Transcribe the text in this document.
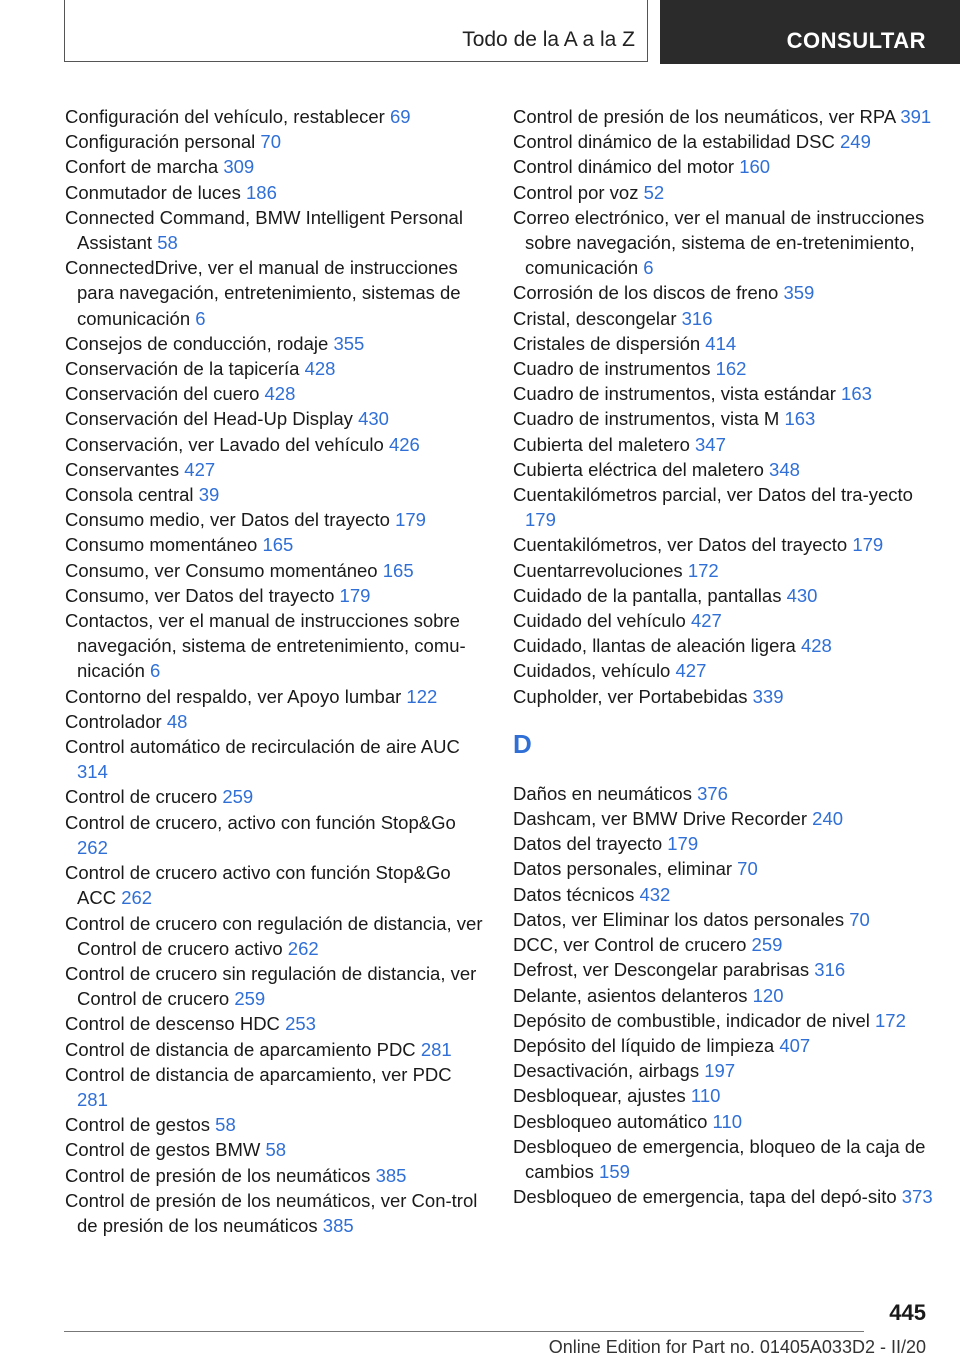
Todo de la A a la Z	CONSULTAR
Configuración del vehículo, restablecer 69
Configuración personal 70
Confort de marcha 309
Conmutador de luces 186
Connected Command, BMW Intelligent Personal Assistant 58
ConnectedDrive, ver el manual de instrucciones para navegación, entretenimiento, sistemas de comunicación 6
Consejos de conducción, rodaje 355
Conservación de la tapicería 428
Conservación del cuero 428
Conservación del Head-Up Display 430
Conservación, ver Lavado del vehículo 426
Conservantes 427
Consola central 39
Consumo medio, ver Datos del trayecto 179
Consumo momentáneo 165
Consumo, ver Consumo momentáneo 165
Consumo, ver Datos del trayecto 179
Contactos, ver el manual de instrucciones sobre navegación, sistema de entretenimiento, comu-nicación 6
Contorno del respaldo, ver Apoyo lumbar 122
Controlador 48
Control automático de recirculación de aire AUC 314
Control de crucero 259
Control de crucero, activo con función Stop&Go 262
Control de crucero activo con función Stop&Go ACC 262
Control de crucero con regulación de distancia, ver Control de crucero activo 262
Control de crucero sin regulación de distancia, ver Control de crucero 259
Control de descenso HDC 253
Control de distancia de aparcamiento PDC 281
Control de distancia de aparcamiento, ver PDC 281
Control de gestos 58
Control de gestos BMW 58
Control de presión de los neumáticos 385
Control de presión de los neumáticos, ver Con-trol de presión de los neumáticos 385
Control de presión de los neumáticos, ver RPA 391
Control dinámico de la estabilidad DSC 249
Control dinámico del motor 160
Control por voz 52
Correo electrónico, ver el manual de instrucciones sobre navegación, sistema de en-tretenimiento, comunicación 6
Corrosión de los discos de freno 359
Cristal, descongelar 316
Cristales de dispersión 414
Cuadro de instrumentos 162
Cuadro de instrumentos, vista estándar 163
Cuadro de instrumentos, vista M 163
Cubierta del maletero 347
Cubierta eléctrica del maletero 348
Cuentakilómetros parcial, ver Datos del tra-yecto 179
Cuentakilómetros, ver Datos del trayecto 179
Cuentarrevoluciones 172
Cuidado de la pantalla, pantallas 430
Cuidado del vehículo 427
Cuidado, llantas de aleación ligera 428
Cuidados, vehículo 427
Cupholder, ver Portabebidas 339
D
Daños en neumáticos 376
Dashcam, ver BMW Drive Recorder 240
Datos del trayecto 179
Datos personales, eliminar 70
Datos técnicos 432
Datos, ver Eliminar los datos personales 70
DCC, ver Control de crucero 259
Defrost, ver Descongelar parabrisas 316
Delante, asientos delanteros 120
Depósito de combustible, indicador de nivel 172
Depósito del líquido de limpieza 407
Desactivación, airbags 197
Desbloquear, ajustes 110
Desbloqueo automático 110
Desbloqueo de emergencia, bloqueo de la caja de cambios 159
Desbloqueo de emergencia, tapa del depó-sito 373
445
Online Edition for Part no. 01405A033D2 - II/20
